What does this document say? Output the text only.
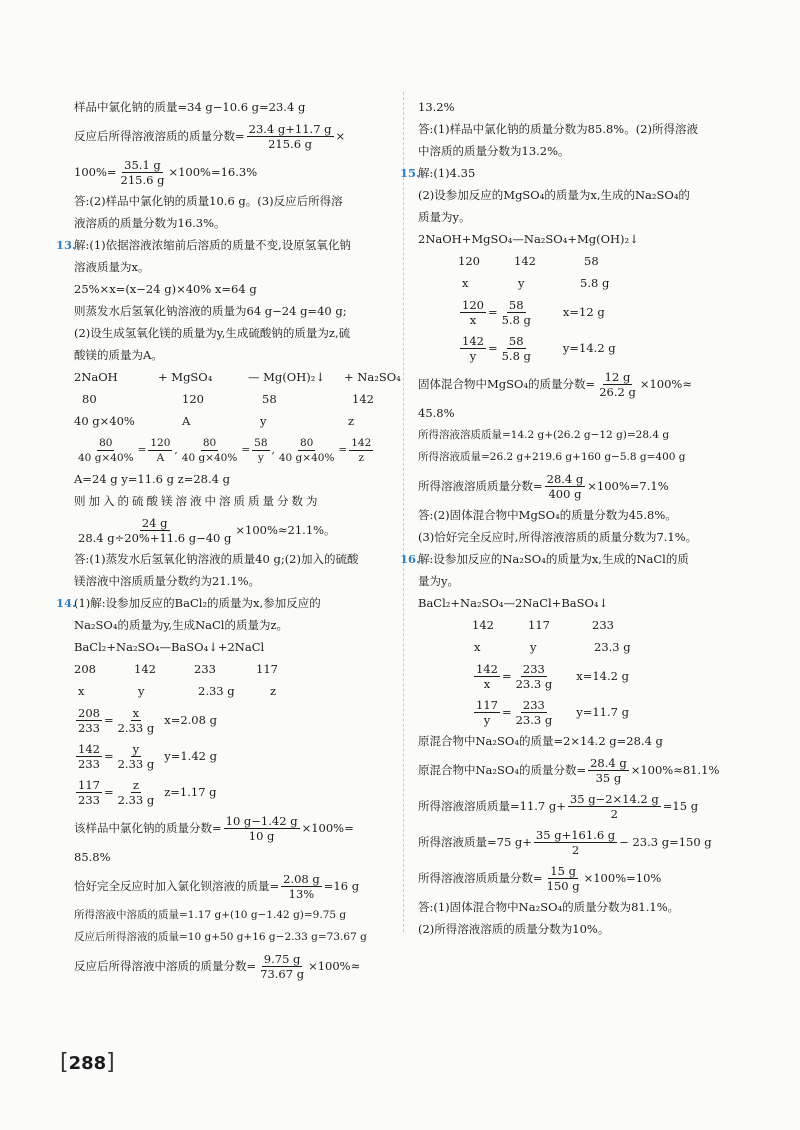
样品中氯化钠的质量=34 g−10.6 g=23.4 g
反应后所得溶液溶质的质量分数= $\frac{23.4 g+11.7 g}{215.6 g}$ ×
$100\%= \frac{35.1 g}{215.6 g} \times 100\%=16.3\%$
答:(2)样品中氯化钠的质量10.6 g。(3)反应后所得溶
液溶质的质量分数为16.3%。
13.解:(1)依据溶液浓缩前后溶质的质量不变,设原氢氧化钠
溶液质量为x。
25%×x=(x−24 g)×40% x=64 g
则蒸发水后氢氧化钠溶液的质量为64 g−24 g=40 g;
(2)设生成氢氧化镁的质量为y,生成硫酸钠的质量为z,硫
酸镁的质量为A。
2NaOH	+ MgSO₄	— Mg(OH)₂↓	+ Na₂SO₄
80	120	58	142
40 g×40%	A	y	z
$\frac{80}{40 g\times 40\%} = \frac{120}{A}$ , $\frac{80}{40 g\times 40\%} = \frac{58}{y}$ , $\frac{80}{40 g\times 40\%} = \frac{142}{z}$
A=24 g y=11.6 g z=28.4 g
则加入的硫酸镁溶液中溶质质量分数为
$\frac{24 g}{28.4 g\div 20\%+11.6 g-40 g} \times 100\%\approx 21.1\%$。
答:(1)蒸发水后氢氧化钠溶液的质量40 g;(2)加入的硫酸
镁溶液中溶质质量分数约为21.1%。
14.(1)解:设参加反应的BaCl₂的质量为x,参加反应的
Na₂SO₄的质量为y,生成NaCl的质量为z。
BaCl₂+Na₂SO₄—BaSO₄↓+2NaCl
208	142	233	117
x	y	2.33 g	z
$\frac{208}{233} = \frac{x}{2.33 g} x=2.08$ g
$\frac{142}{233} = \frac{y}{2.33 g} y=1.42$ g
$\frac{117}{233} = \frac{z}{2.33 g} z=1.17$ g
该样品中氯化钠的质量分数= $\frac{10 g-1.42 g}{10 g} \times 100\%=$
85.8%
恰好完全反应时加入氯化钡溶液的质量= $\frac{2.08 g}{13\%} =16$ g
所得溶液中溶质的质量=1.17 g+(10 g−1.42 g)=9.75 g
反应后所得溶液的质量=10 g+50 g+16 g−2.33 g=73.67 g
反应后所得溶液中溶质的质量分数= $\frac{9.75 g}{73.67 g} \times 100\%\approx$
13.2%
答:(1)样品中氯化钠的质量分数为85.8%。(2)所得溶液
中溶质的质量分数为13.2%。
15.解:(1)4.35
(2)设参加反应的MgSO₄的质量为x,生成的Na₂SO₄的
质量为y。
2NaOH+MgSO₄—Na₂SO₄+Mg(OH)₂↓
120	142	58
x	y	5.8 g
$\frac{120}{x} = \frac{58}{5.8 g}$	x=12 g
$\frac{142}{y} = \frac{58}{5.8 g}$	y=14.2 g
固体混合物中MgSO₄的质量分数= $\frac{12 g}{26.2 g} \times 100\%\approx$
45.8%
所得溶液溶质质量=14.2 g+(26.2 g−12 g)=28.4 g
所得溶液质量=26.2 g+219.6 g+160 g−5.8 g=400 g
所得溶液溶质质量分数= $\frac{28.4 g}{400 g} \times 100\%=7.1\%$
答:(2)固体混合物中MgSO₄的质量分数为45.8%。
(3)恰好完全反应时,所得溶液溶质的质量分数为7.1%。
16.解:设参加反应的Na₂SO₄的质量为x,生成的NaCl的质
量为y。
BaCl₂+Na₂SO₄—2NaCl+BaSO₄↓
142	117	233
x	y	23.3 g
$\frac{142}{x} = \frac{233}{23.3 g} x=14.2$ g
$\frac{117}{y} = \frac{233}{23.3 g} y=11.7$ g
原混合物中Na₂SO₄的质量=2×14.2 g=28.4 g
原混合物中Na₂SO₄的质量分数= $\frac{28.4 g}{35 g} \times 100\%\approx 81.1\%$
所得溶液溶质质量=11.7 $g+ \frac{35 g-2\times 14.2 g}{2} =15$ g
所得溶液质量=75 $g+ \frac{35 g+161.6 g}{2} - 23.3$ g=150 g
所得溶液溶质质量分数= $\frac{15 g}{150 g} \times 100\%=10\%$
答:(1)固体混合物中Na₂SO₄的质量分数为81.1%。
(2)所得溶液溶质的质量分数为10%。
[288]
